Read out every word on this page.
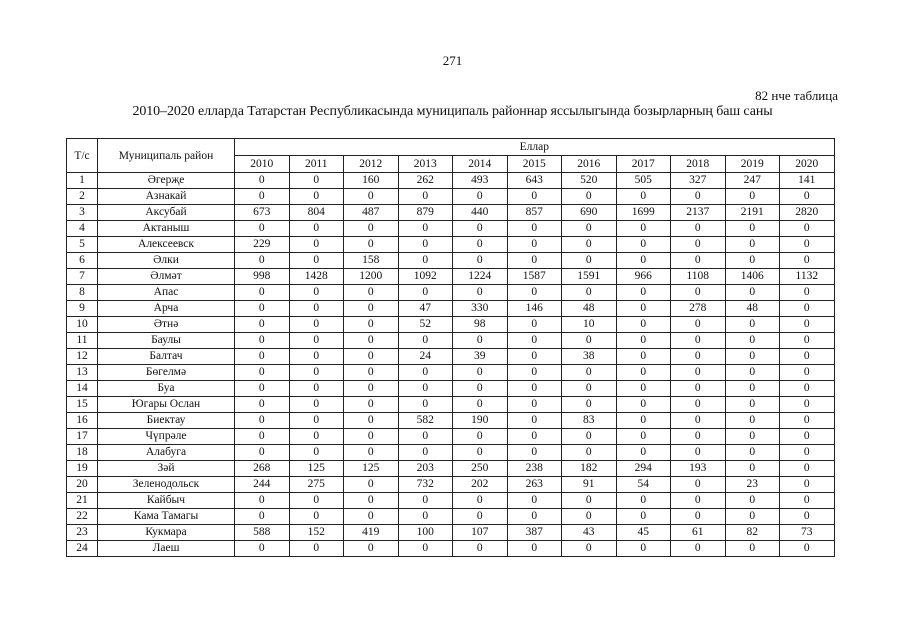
271
82 нче таблица
2010–2020 елларда Татарстан Республикасында муниципаль районнар яссылыгында бозырларның баш саны
Т/с	Муниципаль район	Еллар										
		2010	2011	2012	2013	2014	2015	2016	2017	2018	2019	2020
1	Әгерҗе	0	0	160	262	493	643	520	505	327	247	141
2	Азнакай	0	0	0	0	0	0	0	0	0	0	0
3	Аксубай	673	804	487	879	440	857	690	1699	2137	2191	2820
4	Актаныш	0	0	0	0	0	0	0	0	0	0	0
5	Алексеевск	229	0	0	0	0	0	0	0	0	0	0
6	Әлки	0	0	158	0	0	0	0	0	0	0	0
7	Әлмәт	998	1428	1200	1092	1224	1587	1591	966	1108	1406	1132
8	Апас	0	0	0	0	0	0	0	0	0	0	0
9	Арча	0	0	0	47	330	146	48	0	278	48	0
10	Әтнә	0	0	0	52	98	0	10	0	0	0	0
11	Баулы	0	0	0	0	0	0	0	0	0	0	0
12	Балтач	0	0	0	24	39	0	38	0	0	0	0
13	Бөгелмә	0	0	0	0	0	0	0	0	0	0	0
14	Буа	0	0	0	0	0	0	0	0	0	0	0
15	Югары Ослан	0	0	0	0	0	0	0	0	0	0	0
16	Биектау	0	0	0	582	190	0	83	0	0	0	0
17	Чүпрәле	0	0	0	0	0	0	0	0	0	0	0
18	Алабуга	0	0	0	0	0	0	0	0	0	0	0
19	Зәй	268	125	125	203	250	238	182	294	193	0	0
20	Зеленодольск	244	275	0	732	202	263	91	54	0	23	0
21	Кайбыч	0	0	0	0	0	0	0	0	0	0	0
22	Кама Тамагы	0	0	0	0	0	0	0	0	0	0	0
23	Кукмара	588	152	419	100	107	387	43	45	61	82	73
24	Лаеш	0	0	0	0	0	0	0	0	0	0	0
